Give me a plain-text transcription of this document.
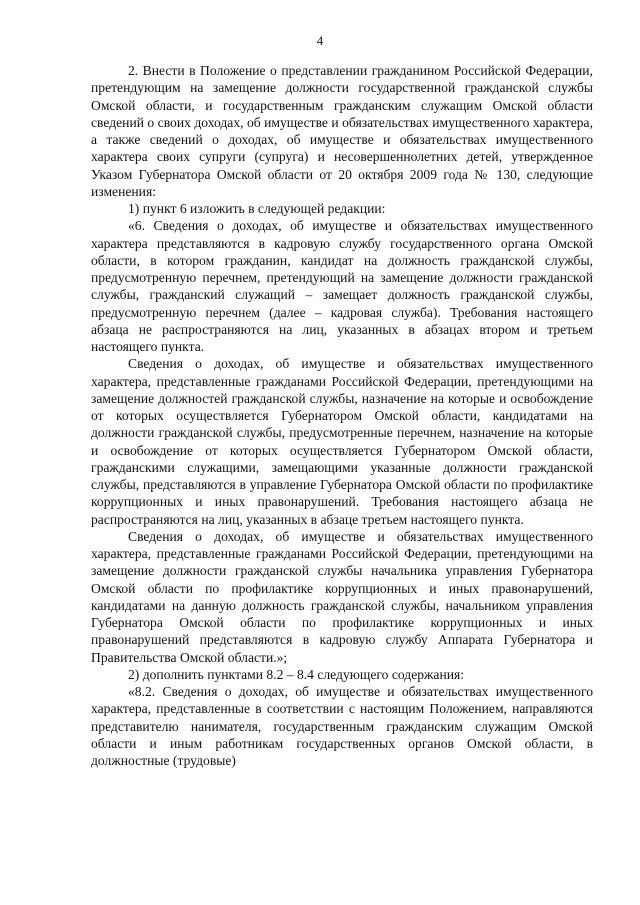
4

2. Внести в Положение о представлении гражданином Российской Федерации, претендующим на замещение должности государственной гражданской службы Омской области, и государственным гражданским служащим Омской области сведений о своих доходах, об имуществе и обязательствах имущественного характера, а также сведений о доходах, об имуществе и обязательствах имущественного характера своих супруги (супруга) и несовершеннолетних детей, утвержденное Указом Губернатора Омской области от 20 октября 2009 года № 130, следующие изменения:

1) пункт 6 изложить в следующей редакции:

«6. Сведения о доходах, об имуществе и обязательствах имущественного характера представляются в кадровую службу государственного органа Омской области, в котором гражданин, кандидат на должность гражданской службы, предусмотренную перечнем, претендующий на замещение должности гражданской службы, гражданский служащий – замещает должность гражданской службы, предусмотренную перечнем (далее – кадровая служба). Требования настоящего абзаца не распространяются на лиц, указанных в абзацах втором и третьем настоящего пункта.

Сведения о доходах, об имуществе и обязательствах имущественного характера, представленные гражданами Российской Федерации, претендующими на замещение должностей гражданской службы, назначение на которые и освобождение от которых осуществляется Губернатором Омской области, кандидатами на должности гражданской службы, предусмотренные перечнем, назначение на которые и освобождение от которых осуществляется Губернатором Омской области, гражданскими служащими, замещающими указанные должности гражданской службы, представляются в управление Губернатора Омской области по профилактике коррупционных и иных правонарушений. Требования настоящего абзаца не распространяются на лиц, указанных в абзаце третьем настоящего пункта.

Сведения о доходах, об имуществе и обязательствах имущественного характера, представленные гражданами Российской Федерации, претендующими на замещение должности гражданской службы начальника управления Губернатора Омской области по профилактике коррупционных и иных правонарушений, кандидатами на данную должность гражданской службы, начальником управления Губернатора Омской области по профилактике коррупционных и иных правонарушений представляются в кадровую службу Аппарата Губернатора и Правительства Омской области.»;

2) дополнить пунктами 8.2 – 8.4 следующего содержания:

«8.2. Сведения о доходах, об имуществе и обязательствах имущественного характера, представленные в соответствии с настоящим Положением, направляются представителю нанимателя, государственным гражданским служащим Омской области и иным работникам государственных органов Омской области, в должностные (трудовые)
